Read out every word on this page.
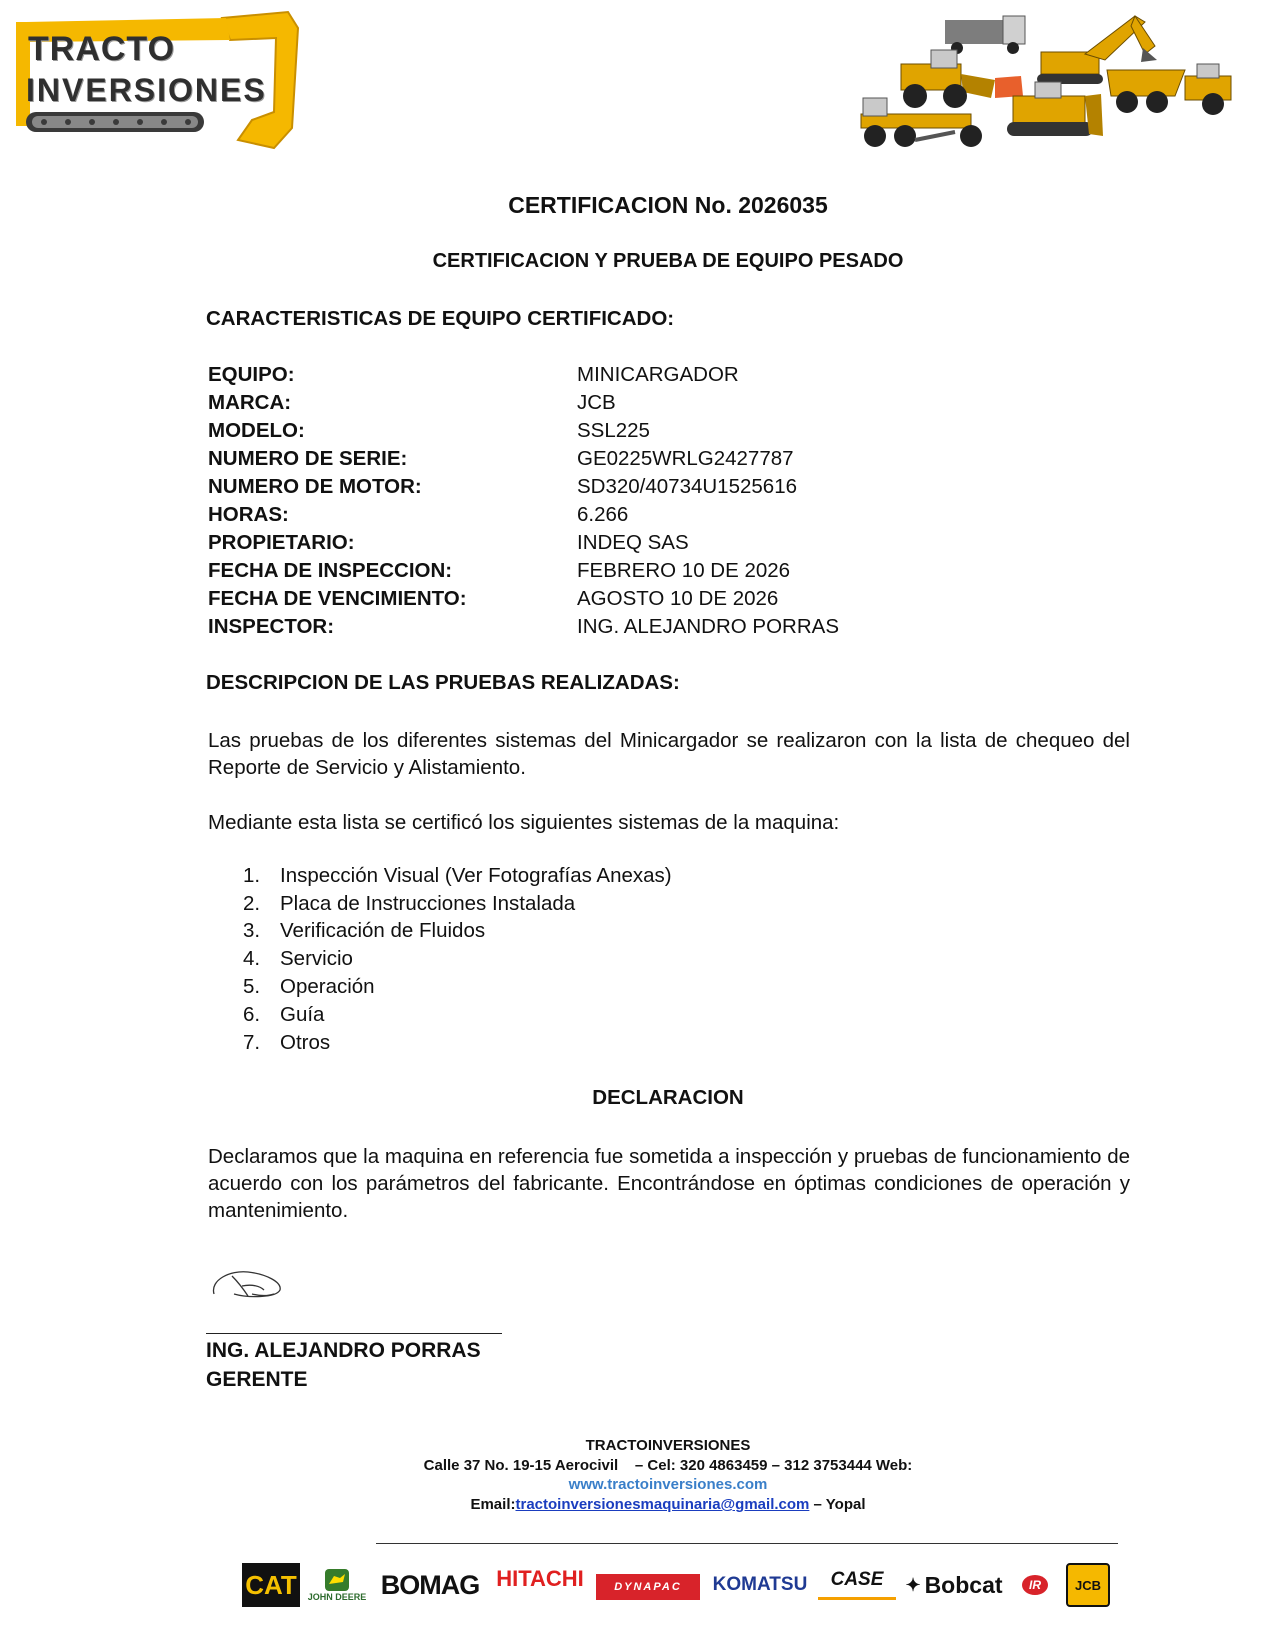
TRACTO
INVERSIONES
CERTIFICACION No. 2026035
CERTIFICACION Y PRUEBA DE EQUIPO PESADO
CARACTERISTICAS DE EQUIPO CERTIFICADO:
EQUIPO:	MINICARGADOR
MARCA:	JCB
MODELO:	SSL225
NUMERO DE SERIE:	GE0225WRLG2427787
NUMERO DE MOTOR:	SD320/40734U1525616
HORAS:	6.266
PROPIETARIO:	INDEQ SAS
FECHA DE INSPECCION:	FEBRERO 10 DE 2026
FECHA DE VENCIMIENTO:	AGOSTO 10 DE 2026
INSPECTOR:	ING. ALEJANDRO PORRAS
DESCRIPCION DE LAS PRUEBAS REALIZADAS:

Las pruebas de los diferentes sistemas del Minicargador se realizaron con la lista de chequeo del Reporte de Servicio y Alistamiento.

Mediante esta lista se certificó los siguientes sistemas de la maquina:

1. Inspección Visual (Ver Fotografías Anexas)
2. Placa de Instrucciones Instalada
3. Verificación de Fluidos
4. Servicio
5. Operación
6. Guía
7. Otros
DECLARACION

Declaramos que la maquina en referencia fue sometida a inspección y pruebas de funcionamiento de acuerdo con los parámetros del fabricante. Encontrándose en óptimas condiciones de operación y mantenimiento.

ING. ALEJANDRO PORRAS
GERENTE
TRACTOINVERSIONES
Calle 37 No. 19-15 Aerocivil    – Cel: 320 4863459 – 312 3753444 Web:
www.tractoinversiones.com
Email:tractoinversionesmaquinaria@gmail.com – Yopal
CAT	JOHN DEERE BOMAG HITACHI	DYNAPAC	KOMATSU	CASE	✦ Bobcat	IR	JCB
